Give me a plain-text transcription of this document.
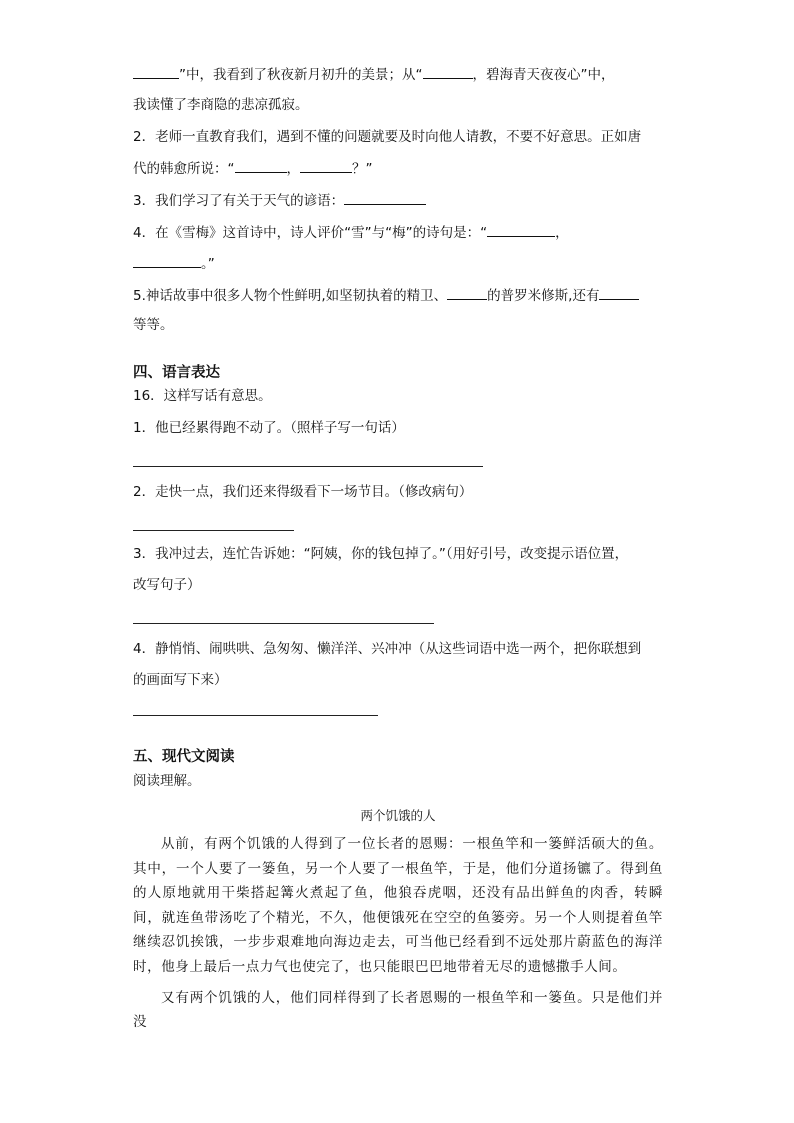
”中，我看到了秋夜新月初升的美景；从“	，碧海青天夜夜心”中，
我读懂了李商隐的悲凉孤寂。
2．老师一直教育我们，遇到不懂的问题就要及时向他人请教，不要不好意思。正如唐
代的韩愈所说：“	，	？”
3．我们学习了有关于天气的谚语：
4．在《雪梅》这首诗中，诗人评价“雪”与“梅”的诗句是：“	，
。”
5.神话故事中很多人物个性鲜明,如坚韧执着的精卫、	的普罗米修斯,还有
等等。
四、语言表达
16．这样写话有意思。
1．他已经累得跑不动了。（照样子写一句话）
2．走快一点，我们还来得级看下一场节目。（修改病句）
3．我冲过去，连忙告诉她：“阿姨，你的钱包掉了。”（用好引号，改变提示语位置，
改写句子）
4．静悄悄、闹哄哄、急匆匆、懒洋洋、兴冲冲（从这些词语中选一两个，把你联想到
的画面写下来）
五、现代文阅读
阅读理解。
两个饥饿的人

从前，有两个饥饿的人得到了一位长者的恩赐：一根鱼竿和一篓鲜活硕大的鱼。其中，一个人要了一篓鱼，另一个人要了一根鱼竿，于是，他们分道扬镳了。得到鱼的人原地就用干柴搭起篝火煮起了鱼，他狼吞虎咽，还没有品出鲜鱼的肉香，转瞬间，就连鱼带汤吃了个精光，不久，他便饿死在空空的鱼篓旁。另一个人则提着鱼竿继续忍饥挨饿，一步步艰难地向海边走去，可当他已经看到不远处那片蔚蓝色的海洋时，他身上最后一点力气也使完了，也只能眼巴巴地带着无尽的遗憾撒手人间。

又有两个饥饿的人，他们同样得到了长者恩赐的一根鱼竿和一篓鱼。只是他们并没
